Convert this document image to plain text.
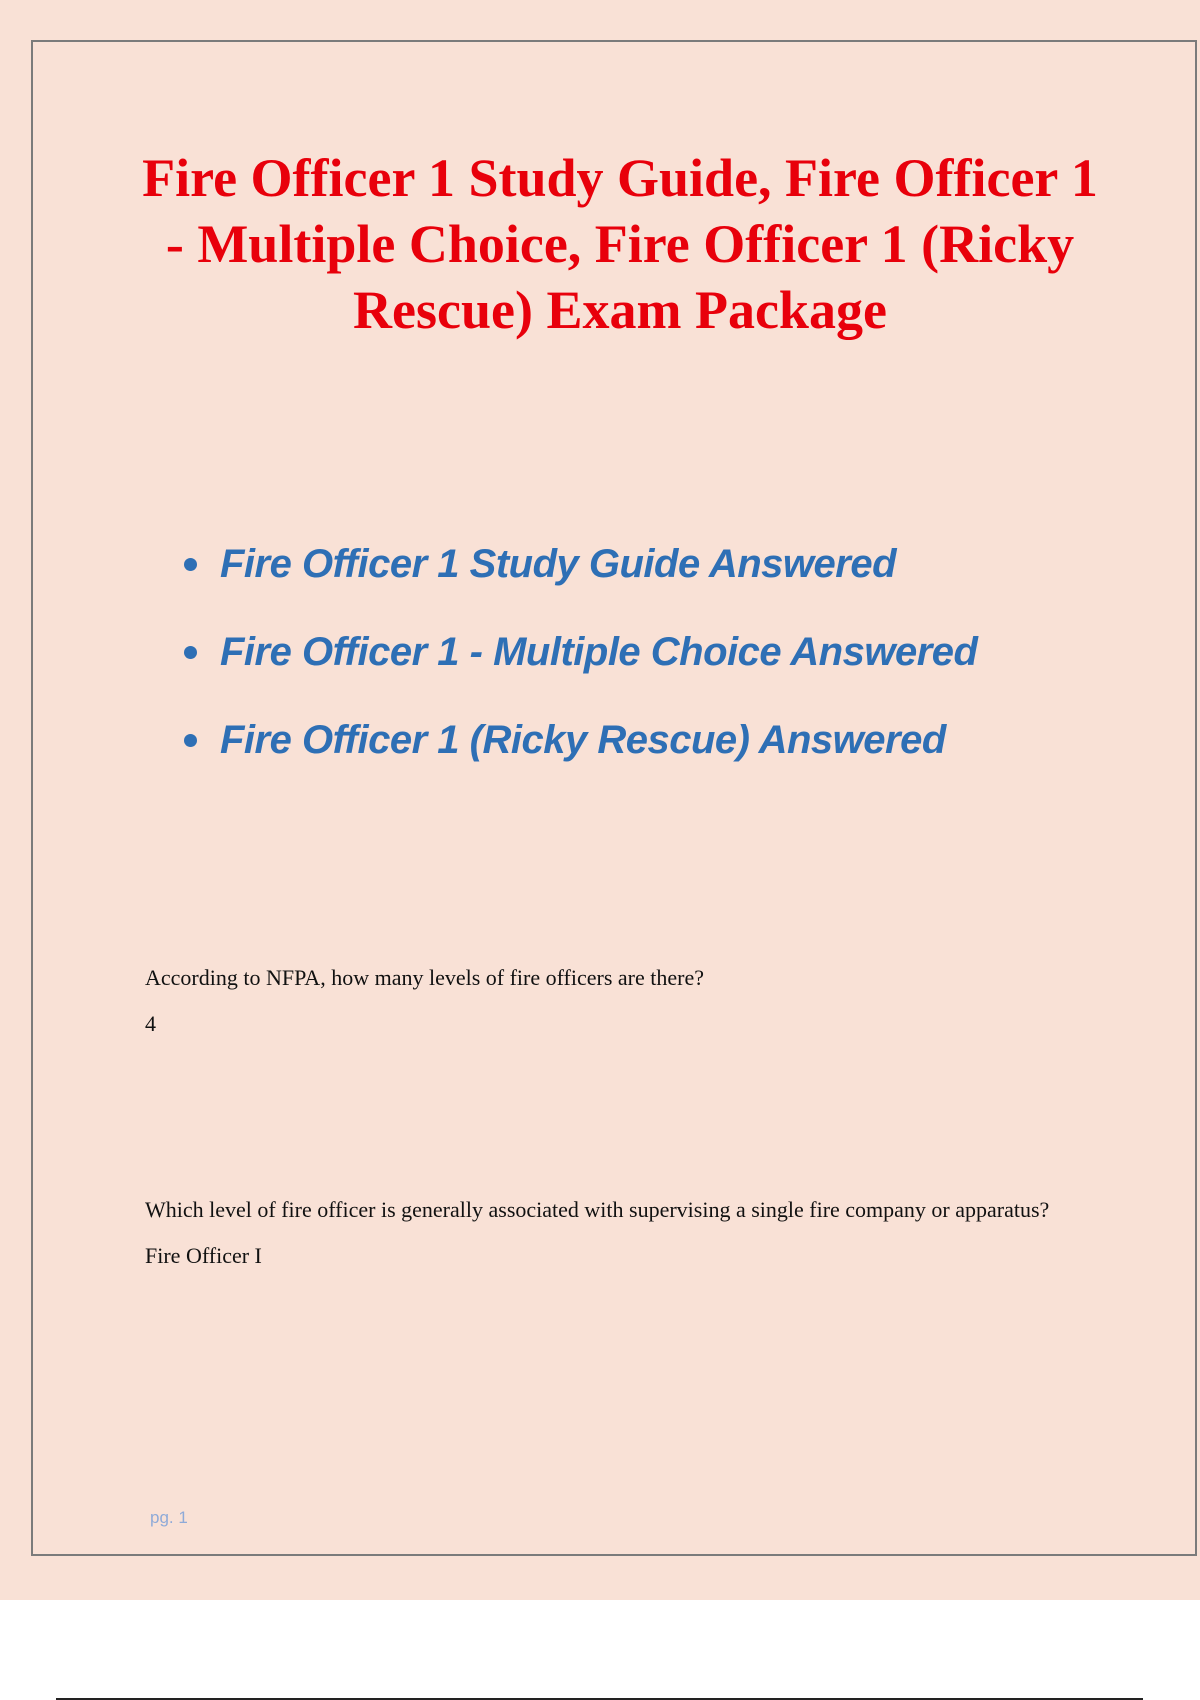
Fire Officer 1 Study Guide, Fire Officer 1 - Multiple Choice, Fire Officer 1 (Ricky Rescue) Exam Package
Fire Officer 1 Study Guide Answered
Fire Officer 1 - Multiple Choice Answered
Fire Officer 1 (Ricky Rescue) Answered

According to NFPA, how many levels of fire officers are there?

4

Which level of fire officer is generally associated with supervising a single fire company or apparatus?

Fire Officer I

pg. 1
